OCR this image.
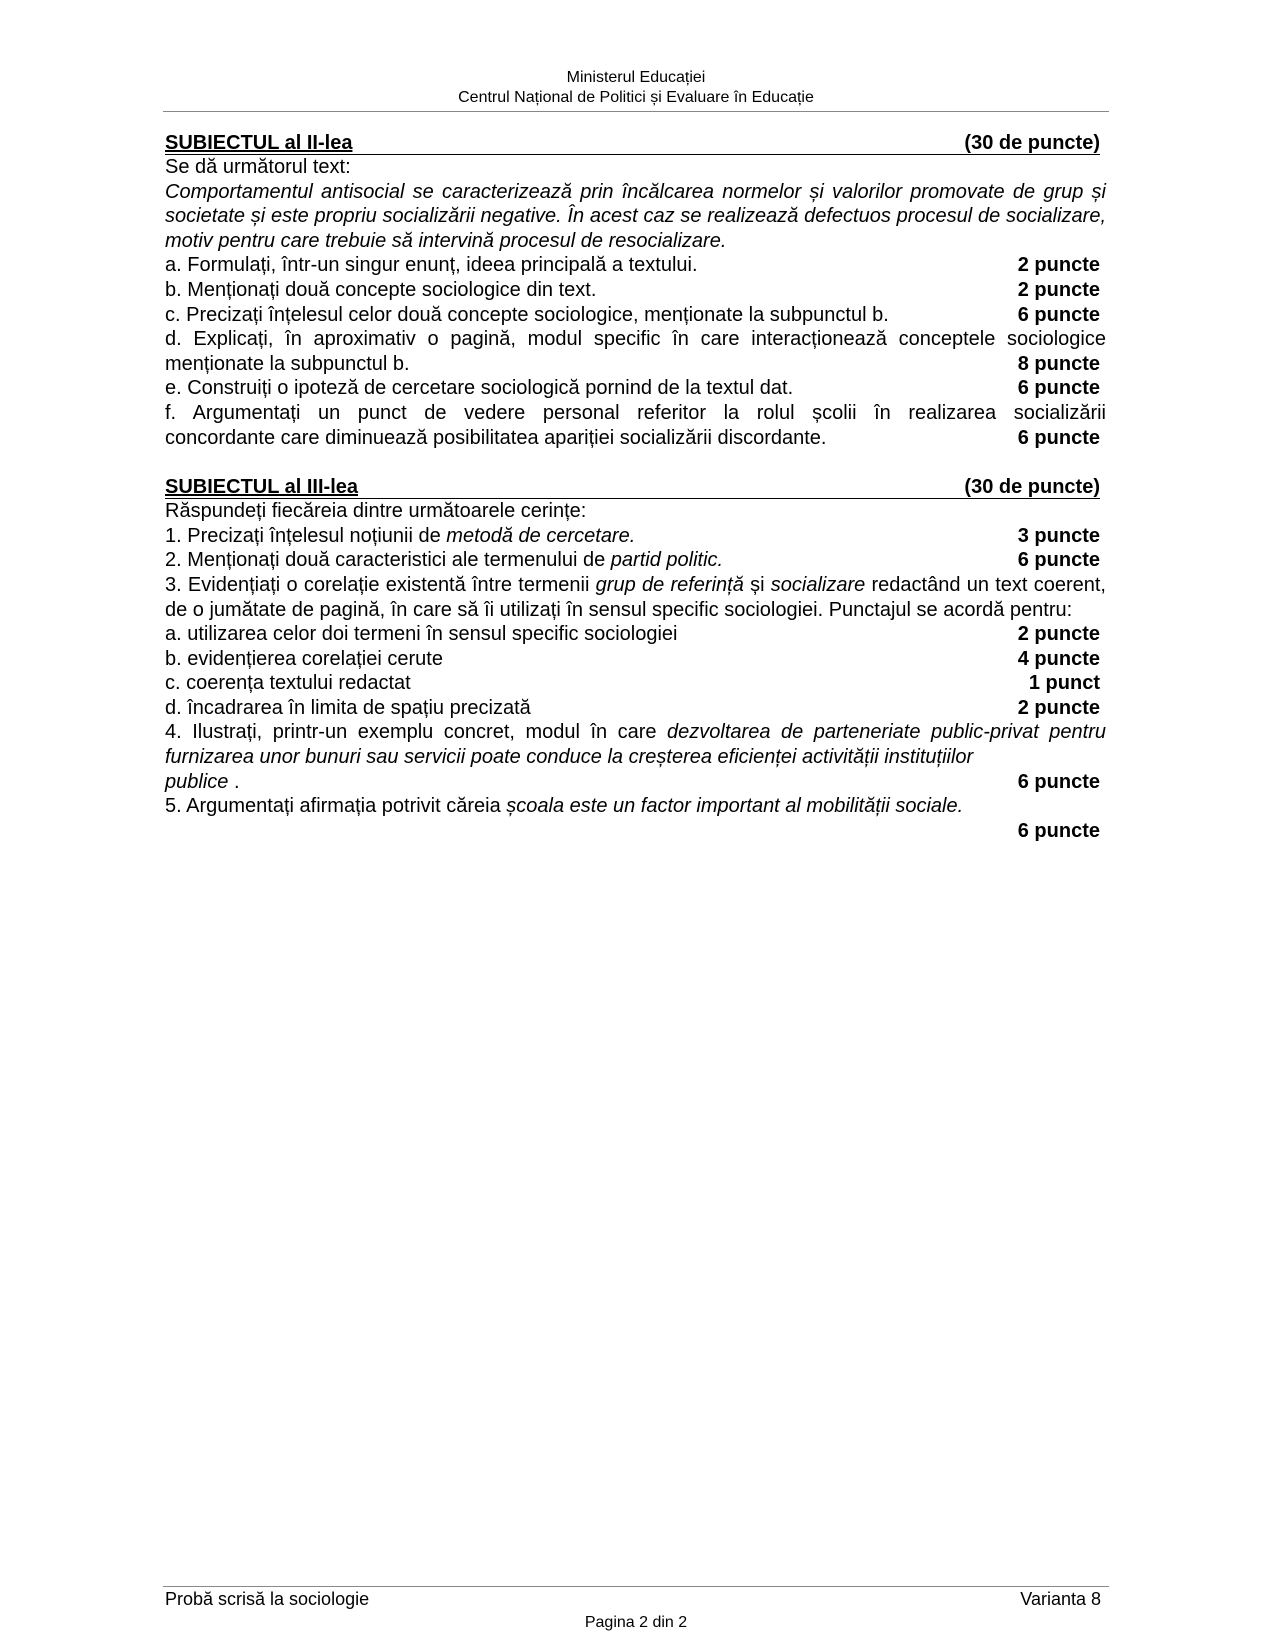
Ministerul Educației
Centrul Național de Politici și Evaluare în Educație
SUBIECTUL al II-lea	(30 de puncte)
Se dă următorul text:
Comportamentul antisocial se caracterizează prin încălcarea normelor și valorilor promovate de grup și societate și este propriu socializării negative. În acest caz se realizează defectuos procesul de socializare, motiv pentru care trebuie să intervină procesul de resocializare.
a. Formulați, într-un singur enunț, ideea principală a textului.	2 puncte
b. Menționați două concepte sociologice din text.	2 puncte
c. Precizați înțelesul celor două concepte sociologice, menționate la subpunctul b.	6 puncte
d. Explicați, în aproximativ o pagină, modul specific în care interacționează conceptele sociologice
menționate la subpunctul b.	8 puncte
e. Construiți o ipoteză de cercetare sociologică pornind de la textul dat.	6 puncte
f. Argumentați un punct de vedere personal referitor la rolul școlii în realizarea socializării
concordante care diminuează posibilitatea apariției socializării discordante.	6 puncte
SUBIECTUL al III-lea	(30 de puncte)
Răspundeți fiecăreia dintre următoarele cerințe:
1. Precizați înțelesul noțiunii de metodă de cercetare.	3 puncte
2. Menționați două caracteristici ale termenului de partid politic.	6 puncte
3. Evidențiați o corelație existentă între termenii grup de referință și socializare redactând un text coerent, de o jumătate de pagină, în care să îi utilizați în sensul specific sociologiei. Punctajul se acordă pentru:
a. utilizarea celor doi termeni în sensul specific sociologiei	2 puncte
b. evidențierea corelației cerute	4 puncte
c. coerența textului redactat	1 punct
d. încadrarea în limita de spațiu precizată	2 puncte
4. Ilustrați, printr-un exemplu concret, modul în care dezvoltarea de parteneriate public-privat pentru furnizarea unor bunuri sau servicii poate conduce la creșterea eficienței activității instituțiilor
publice .	6 puncte
5. Argumentați afirmația potrivit căreia școala este un factor important al mobilității sociale.
6 puncte
Probă scrisă la sociologie	Varianta 8
Pagina 2 din 2
